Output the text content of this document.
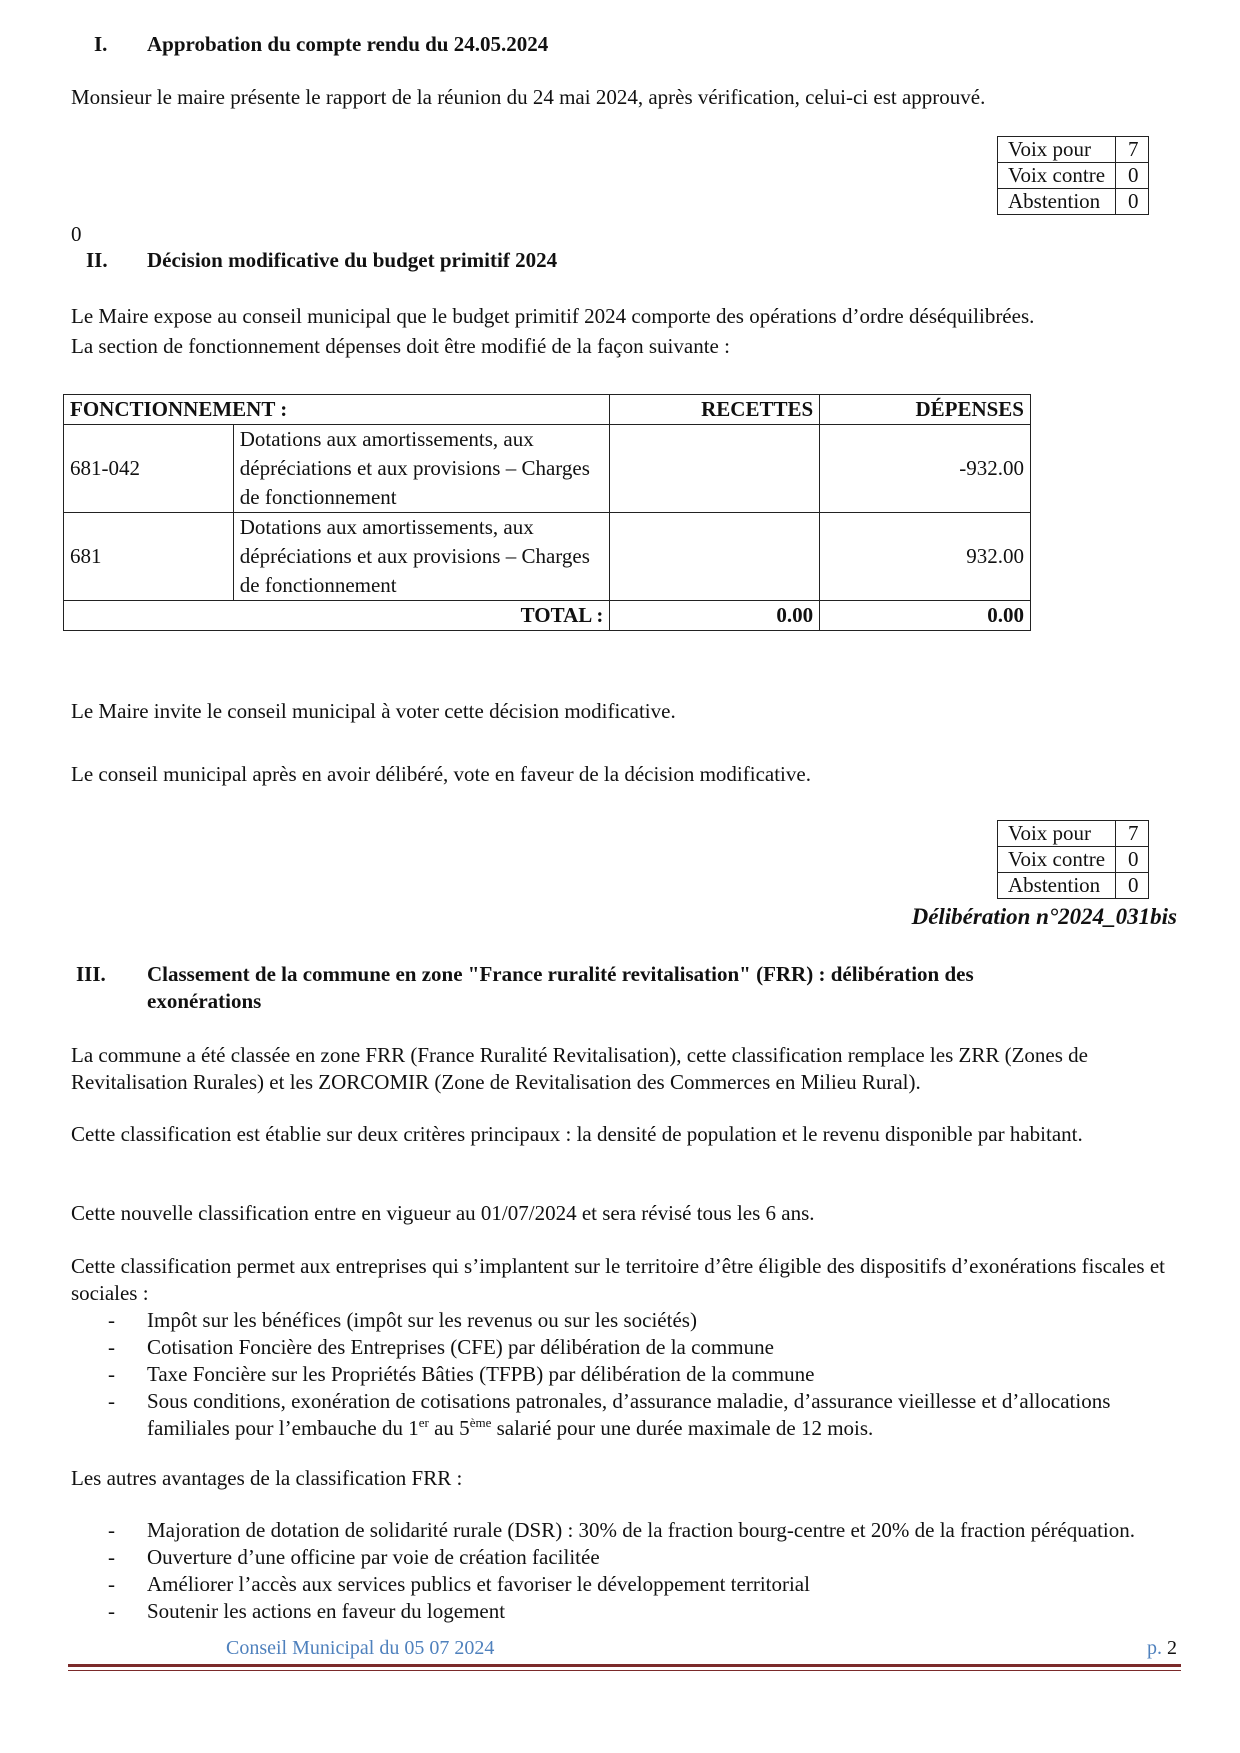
I. Approbation du compte rendu du 24.05.2024

Monsieur le maire présente le rapport de la réunion du 24 mai 2024, après vérification, celui-ci est approuvé.

Voix pour	7
Voix contre	0
Abstention	0
0
II. Décision modificative du budget primitif 2024

Le Maire expose au conseil municipal que le budget primitif 2024 comporte des opérations d’ordre déséquilibrées.

La section de fonctionnement dépenses doit être modifié de la façon suivante :

FONCTIONNEMENT :		RECETTES	DÉPENSES
681-042	Dotations aux amortissements, aux dépréciations et aux provisions – Charges de fonctionnement		-932.00
681	Dotations aux amortissements, aux dépréciations et aux provisions – Charges de fonctionnement		932.00
TOTAL :		0.00	0.00

Le Maire invite le conseil municipal à voter cette décision modificative.

Le conseil municipal après en avoir délibéré, vote en faveur de la décision modificative.

Voix pour	7
Voix contre	0
Abstention	0
Délibération n°2024_031bis
III. Classement de la commune en zone "France ruralité revitalisation" (FRR) : délibération des
exonérations

La commune a été classée en zone FRR (France Ruralité Revitalisation), cette classification remplace les ZRR (Zones de Revitalisation Rurales) et les ZORCOMIR (Zone de Revitalisation des Commerces en Milieu Rural).

Cette classification est établie sur deux critères principaux : la densité de population et le revenu disponible par habitant.

Cette nouvelle classification entre en vigueur au 01/07/2024 et sera révisé tous les 6 ans.

Cette classification permet aux entreprises qui s’implantent sur le territoire d’être éligible des dispositifs d’exonérations fiscales et sociales :

- Impôt sur les bénéfices (impôt sur les revenus ou sur les sociétés)
- Cotisation Foncière des Entreprises (CFE) par délibération de la commune
- Taxe Foncière sur les Propriétés Bâties (TFPB) par délibération de la commune
- Sous conditions, exonération de cotisations patronales, d’assurance maladie, d’assurance vieillesse et d’allocations familiales pour l’embauche du 1er au 5ème salarié pour une durée maximale de 12 mois.

Les autres avantages de la classification FRR :

- Majoration de dotation de solidarité rurale (DSR) : 30% de la fraction bourg-centre et 20% de la fraction péréquation.
- Ouverture d’une officine par voie de création facilitée
- Améliorer l’accès aux services publics et favoriser le développement territorial
- Soutenir les actions en faveur du logement
Conseil Municipal du 05 07 2024	p. 2
